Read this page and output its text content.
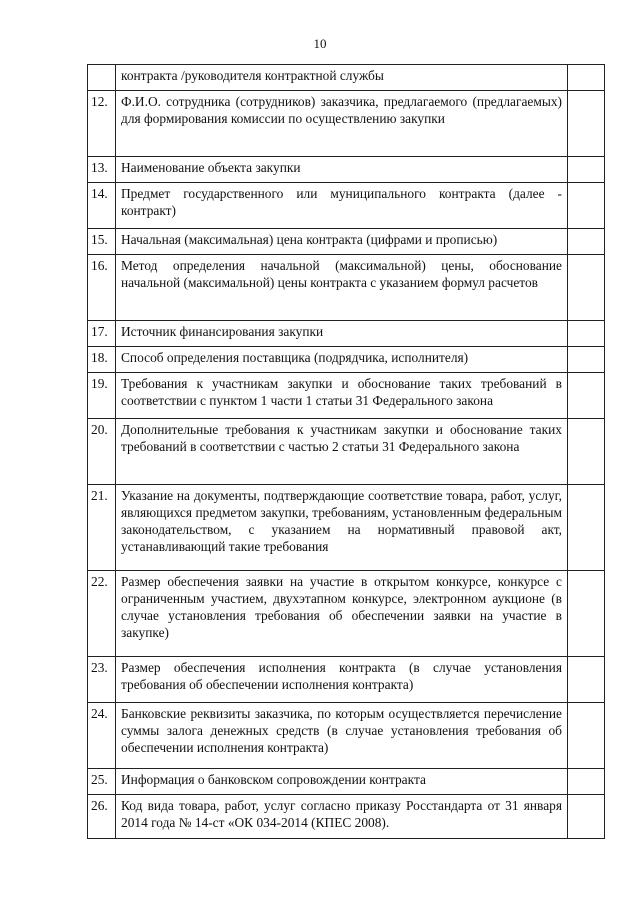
10
	контракта /руководителя контрактной службы	
12.	Ф.И.О. сотрудника (сотрудников) заказчика, предлагаемого (предлагаемых) для формирования комиссии по осуществлению закупки	
13.	Наименование объекта закупки	
14.	Предмет государственного или муниципального контракта (далее - контракт)	
15.	Начальная (максимальная) цена контракта (цифрами и прописью)	
16.	Метод определения начальной (максимальной) цены, обоснование начальной (максимальной) цены контракта с указанием формул расчетов	
17.	Источник финансирования закупки	
18.	Способ определения поставщика (подрядчика, исполнителя)	
19.	Требования к участникам закупки и обоснование таких требований в соответствии с пунктом 1 части 1 статьи 31 Федерального закона	
20.	Дополнительные требования к участникам закупки и обоснование таких требований в соответствии с частью 2 статьи 31 Федерального закона	
21.	Указание на документы, подтверждающие соответствие товара, работ, услуг, являющихся предметом закупки, требованиям, установленным федеральным законодательством, с указанием на нормативный правовой акт, устанавливающий такие требования	
22.	Размер обеспечения заявки на участие в открытом конкурсе, конкурсе с ограниченным участием, двухэтапном конкурсе, электронном аукционе (в случае установления требования об обеспечении заявки на участие в закупке)	
23.	Размер обеспечения исполнения контракта (в случае установления требования об обеспечении исполнения контракта)	
24.	Банковские реквизиты заказчика, по которым осуществляется перечисление суммы залога денежных средств (в случае установления требования об обеспечении исполнения контракта)	
25.	Информация о банковском сопровождении контракта	
26.	Код вида товара, работ, услуг согласно приказу Росстандарта от 31 января 2014 года № 14-ст «ОК 034-2014 (КПЕС 2008).	
